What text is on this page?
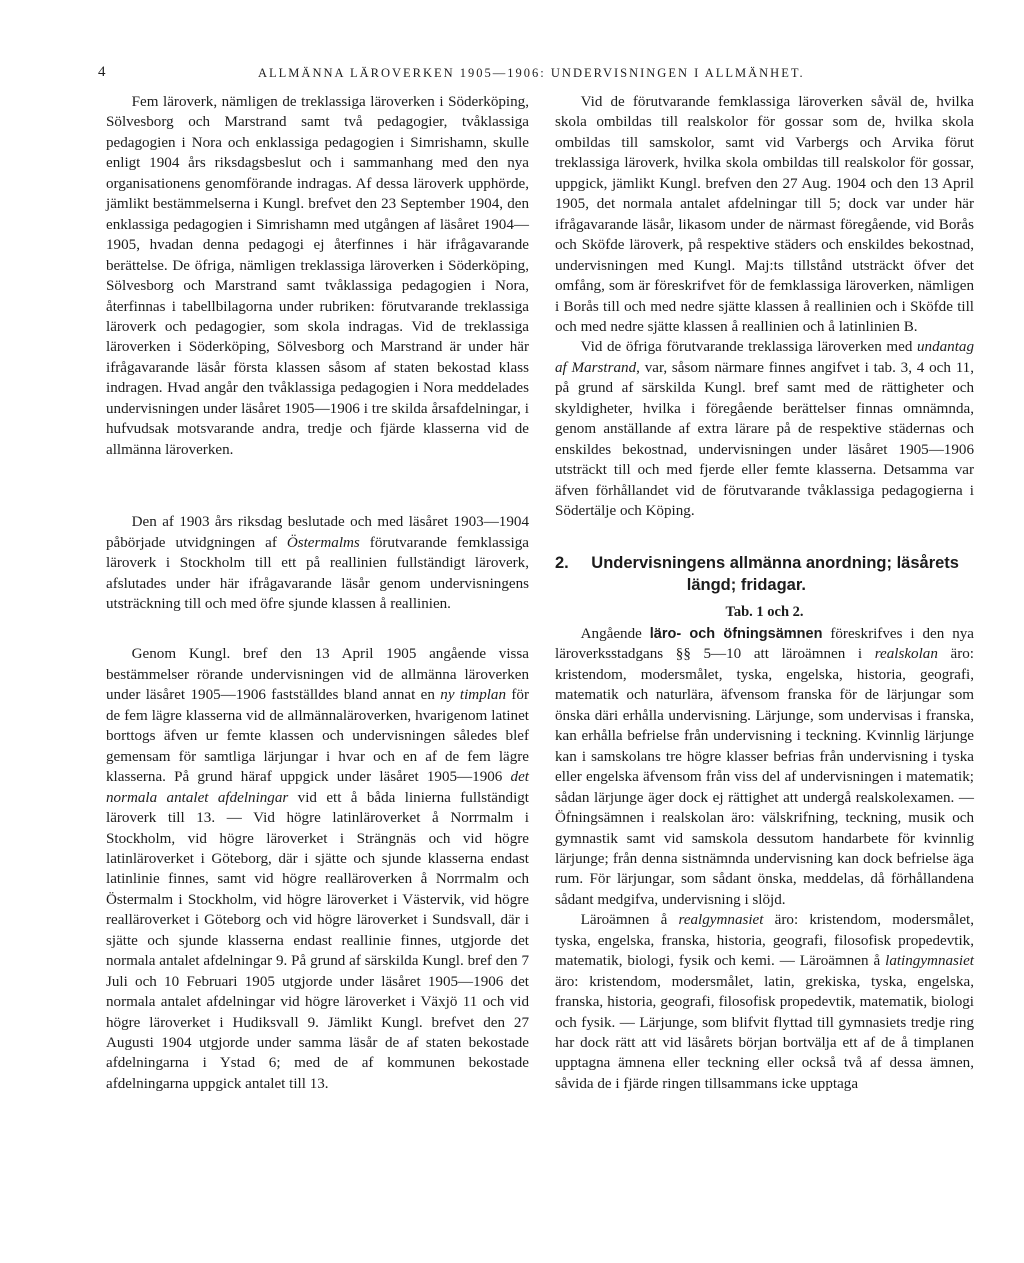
4	ALLMÄNNA LÄROVERKEN 1905—1906: UNDERVISNINGEN I ALLMÄNHET.

Fem läroverk, nämligen de treklassiga läroverken i Söderköping, Sölvesborg och Marstrand samt två pedagogier, tvåklassiga pedagogien i Nora och enklassiga pedagogien i Simrishamn, skulle enligt 1904 års riksdagsbeslut och i sammanhang med den nya organisationens genomförande indragas. Af dessa läroverk upphörde, jämlikt bestämmelserna i Kungl. brefvet den 23 September 1904, den enklassiga pedagogien i Simrishamn med utgången af läsåret 1904—1905, hvadan denna pedagogi ej återfinnes i här ifrågavarande berättelse. De öfriga, nämligen treklassiga läroverken i Söderköping, Sölvesborg och Marstrand samt tvåklassiga pedagogien i Nora, återfinnas i tabellbilagorna under rubriken: förutvarande treklassiga läroverk och pedagogier, som skola indragas. Vid de treklassiga läroverken i Söderköping, Sölvesborg och Marstrand är under här ifrågavarande läsår första klassen såsom af staten bekostad klass indragen. Hvad angår den tvåklassiga pedagogien i Nora meddelades undervisningen under läsåret 1905—1906 i tre skilda årsafdelningar, i hufvudsak motsvarande andra, tredje och fjärde klasserna vid de allmänna läroverken.

Den af 1903 års riksdag beslutade och med läsåret 1903—1904 påbörjade utvidgningen af Östermalms förutvarande femklassiga läroverk i Stockholm till ett på reallinien fullständigt läroverk, afslutades under här ifrågavarande läsår genom undervisningens utsträckning till och med öfre sjunde klassen å reallinien.

Genom Kungl. bref den 13 April 1905 angående vissa bestämmelser rörande undervisningen vid de allmänna läroverken under läsåret 1905—1906 fastställdes bland annat en ny timplan för de fem lägre klasserna vid de allmännaläroverken, hvarigenom latinet borttogs äfven ur femte klassen och undervisningen således blef gemensam för samtliga lärjungar i hvar och en af de fem lägre klasserna. På grund häraf uppgick under läsåret 1905—1906 det normala antalet afdelningar vid ett å båda linierna fullständigt läroverk till 13. — Vid högre latinläroverket å Norrmalm i Stockholm, vid högre läroverket i Strängnäs och vid högre latinläroverket i Göteborg, där i sjätte och sjunde klasserna endast latinlinie finnes, samt vid högre realläroverken å Norrmalm och Östermalm i Stockholm, vid högre läroverket i Västervik, vid högre realläroverket i Göteborg och vid högre läroverket i Sundsvall, där i sjätte och sjunde klasserna endast reallinie finnes, utgjorde det normala antalet afdelningar 9. På grund af särskilda Kungl. bref den 7 Juli och 10 Februari 1905 utgjorde under läsåret 1905—1906 det normala antalet afdelningar vid högre läroverket i Växjö 11 och vid högre läroverket i Hudiksvall 9. Jämlikt Kungl. brefvet den 27 Augusti 1904 utgjorde under samma läsår de af staten bekostade afdelningarna i Ystad 6; med de af kommunen bekostade afdelningarna uppgick antalet till 13.

Vid de förutvarande femklassiga läroverken såväl de, hvilka skola ombildas till realskolor för gossar som de, hvilka skola ombildas till samskolor, samt vid Varbergs och Arvika förut treklassiga läroverk, hvilka skola ombildas till realskolor för gossar, uppgick, jämlikt Kungl. brefven den 27 Aug. 1904 och den 13 April 1905, det normala antalet afdelningar till 5; dock var under här ifrågavarande läsår, likasom under de närmast föregående, vid Borås och Sköfde läroverk, på respektive städers och enskildes bekostnad, undervisningen med Kungl. Maj:ts tillstånd utsträckt öfver det omfång, som är föreskrifvet för de femklassiga läroverken, nämligen i Borås till och med nedre sjätte klassen å reallinien och i Sköfde till och med nedre sjätte klassen å reallinien och å latinlinien B.

Vid de öfriga förutvarande treklassiga läroverken med undantag af Marstrand, var, såsom närmare finnes angifvet i tab. 3, 4 och 11, på grund af särskilda Kungl. bref samt med de rättigheter och skyldigheter, hvilka i föregående berättelser finnas omnämnda, genom anställande af extra lärare på de respektive städernas och enskildes bekostnad, undervisningen under läsåret 1905—1906 utsträckt till och med fjerde eller femte klasserna. Detsamma var äfven förhållandet vid de förutvarande tvåklassiga pedagogierna i Södertälje och Köping.

2. Undervisningens allmänna anordning; läsårets
längd; fridagar.
Tab. 1 och 2.

Angående läro- och öfningsämnen föreskrifves i den nya läroverksstadgans §§ 5—10 att läroämnen i realskolan äro: kristendom, modersmålet, tyska, engelska, historia, geografi, matematik och naturlära, äfvensom franska för de lärjungar som önska däri erhålla undervisning. Lärjunge, som undervisas i franska, kan erhålla befrielse från undervisning i teckning. Kvinnlig lärjunge kan i samskolans tre högre klasser befrias från undervisning i tyska eller engelska äfvensom från viss del af undervisningen i matematik; sådan lärjunge äger dock ej rättighet att undergå realskolexamen. — Öfningsämnen i realskolan äro: välskrifning, teckning, musik och gymnastik samt vid samskola dessutom handarbete för kvinnlig lärjunge; från denna sistnämnda undervisning kan dock befrielse äga rum. För lärjungar, som sådant önska, meddelas, då förhållandena sådant medgifva, undervisning i slöjd.

Läroämnen å realgymnasiet äro: kristendom, modersmålet, tyska, engelska, franska, historia, geografi, filosofisk propedevtik, matematik, biologi, fysik och kemi. — Läroämnen å latingymnasiet äro: kristendom, modersmålet, latin, grekiska, tyska, engelska, franska, historia, geografi, filosofisk propedevtik, matematik, biologi och fysik. — Lärjunge, som blifvit flyttad till gymnasiets tredje ring har dock rätt att vid läsårets början bortvälja ett af de å timplanen upptagna ämnena eller teckning eller också två af dessa ämnen, såvida de i fjärde ringen tillsammans icke upptaga
